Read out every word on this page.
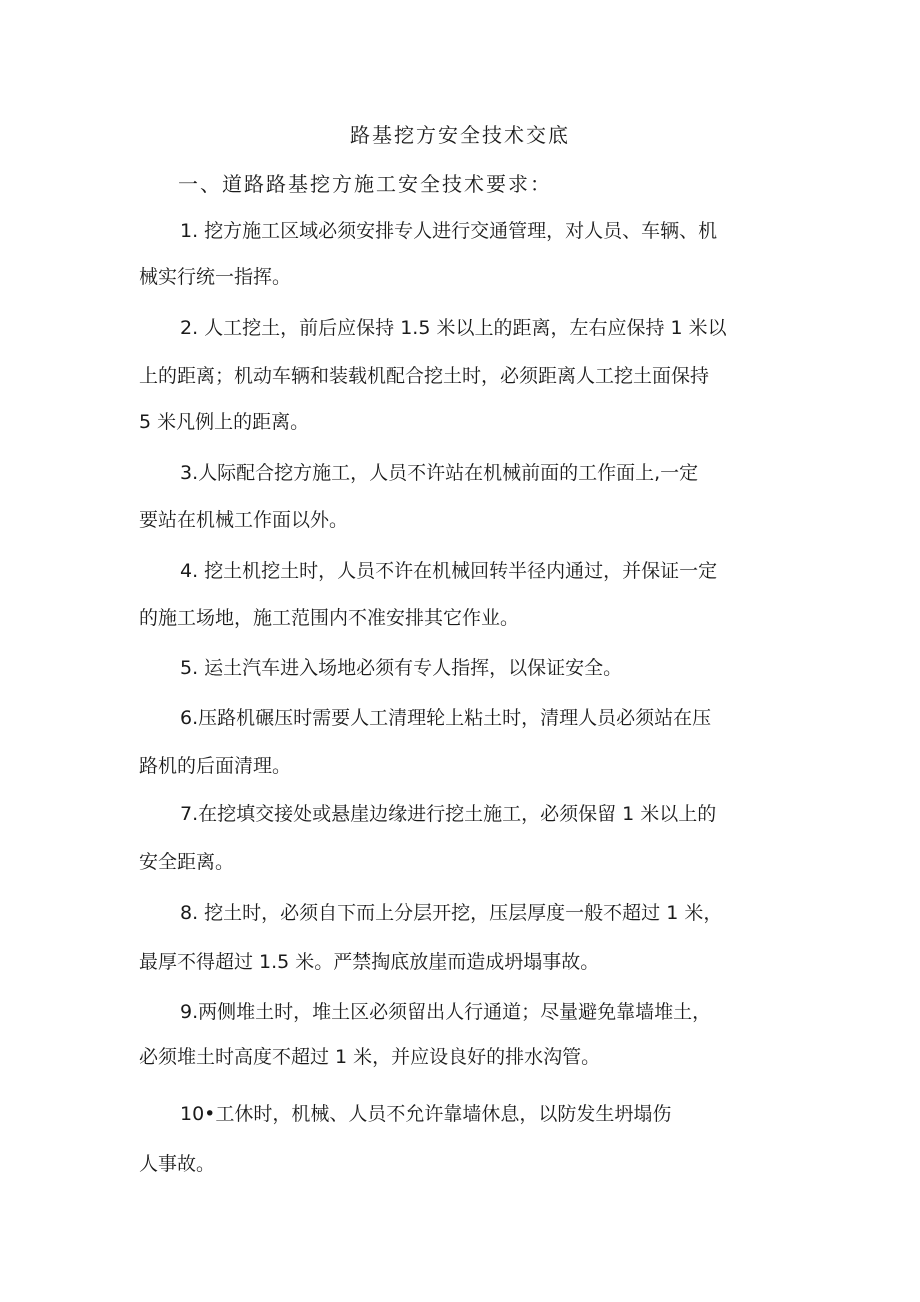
路基挖方安全技术交底
一、道路路基挖方施工安全技术要求：
1. 挖方施工区域必须安排专人进行交通管理，对人员、车辆、机
械实行统一指挥。
2. 人工挖土，前后应保持 1.5 米以上的距离，左右应保持 1 米以
上的距离；机动车辆和装载机配合挖土时，必须距离人工挖土面保持
5 米凡例上的距离。
3.人际配合挖方施工，人员不许站在机械前面的工作面上,一定
要站在机械工作面以外。
4. 挖土机挖土时，人员不许在机械回转半径内通过，并保证一定
的施工场地，施工范围内不准安排其它作业。
5. 运土汽车进入场地必须有专人指挥，以保证安全。
6.压路机碾压时需要人工清理轮上粘土时，清理人员必须站在压
路机的后面清理。
7.在挖填交接处或悬崖边缘进行挖土施工，必须保留 1 米以上的
安全距离。
8. 挖土时，必须自下而上分层开挖，压层厚度一般不超过 1 米，
最厚不得超过 1.5 米。严禁掏底放崖而造成坍塌事故。
9.两侧堆土时，堆土区必须留出人行通道；尽量避免靠墙堆土，
必须堆土时高度不超过 1 米，并应设良好的排水沟管。
10•工休时，机械、人员不允许靠墙休息，以防发生坍塌伤
人事故。
